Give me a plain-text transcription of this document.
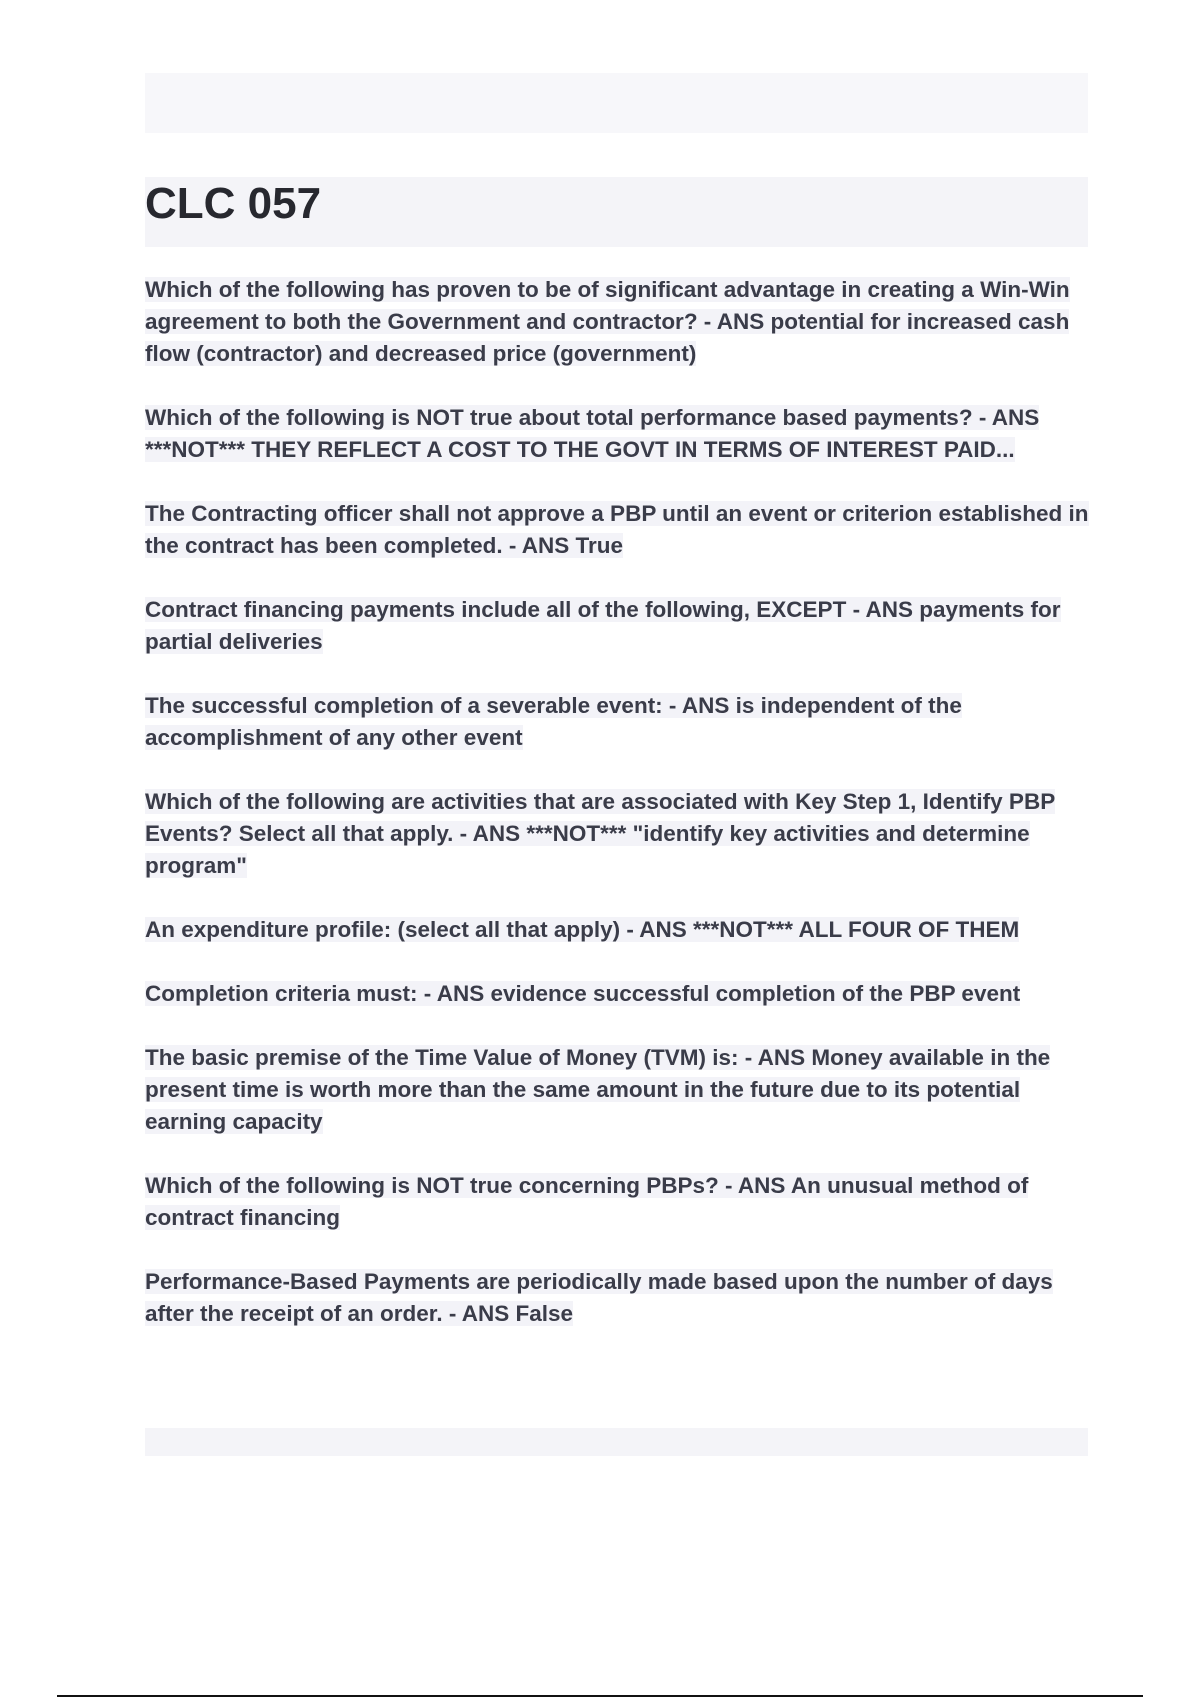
CLC 057

Which of the following has proven to be of significant advantage in creating a Win-Win agreement to both the Government and contractor? - ANS potential for increased cash flow (contractor) and decreased price (government)

Which of the following is NOT true about total performance based payments? - ANS ***NOT*** THEY REFLECT A COST TO THE GOVT IN TERMS OF INTEREST PAID...

The Contracting officer shall not approve a PBP until an event or criterion established in the contract has been completed. - ANS True

Contract financing payments include all of the following, EXCEPT - ANS payments for partial deliveries

The successful completion of a severable event: - ANS is independent of the accomplishment of any other event

Which of the following are activities that are associated with Key Step 1, Identify PBP Events? Select all that apply. - ANS ***NOT*** "identify key activities and determine program"

An expenditure profile: (select all that apply) - ANS ***NOT*** ALL FOUR OF THEM

Completion criteria must: - ANS evidence successful completion of the PBP event

The basic premise of the Time Value of Money (TVM) is: - ANS Money available in the present time is worth more than the same amount in the future due to its potential earning capacity

Which of the following is NOT true concerning PBPs? - ANS An unusual method of contract financing

Performance-Based Payments are periodically made based upon the number of days after the receipt of an order. - ANS False
